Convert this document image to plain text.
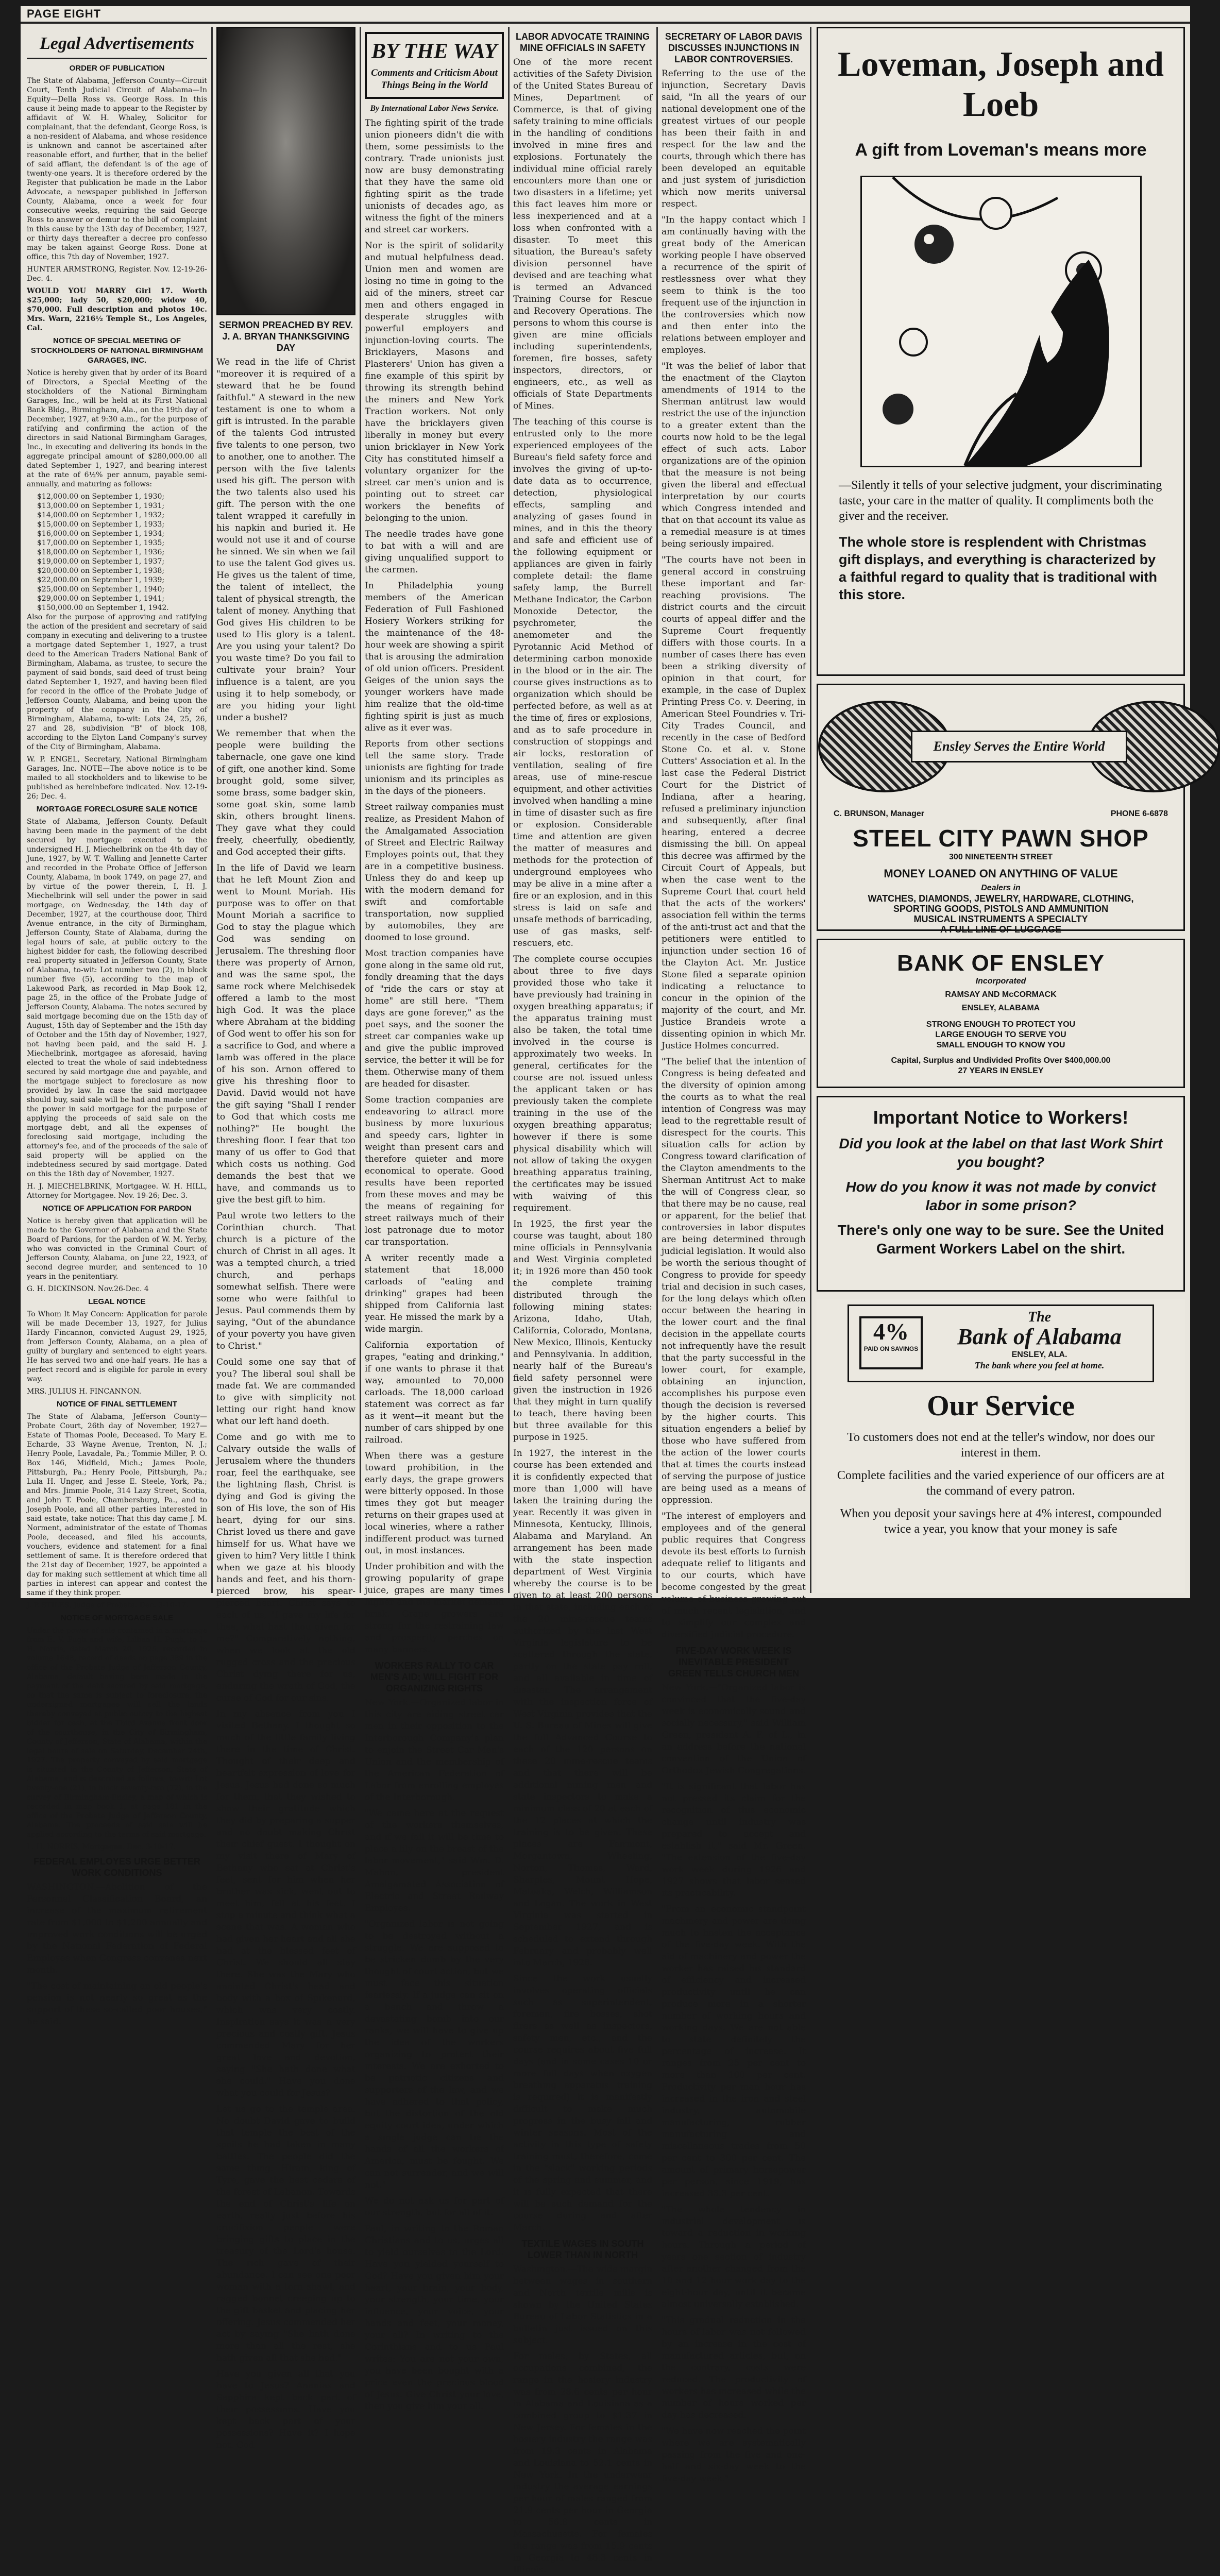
PAGE EIGHT
Legal Advertisements
ORDER OF PUBLICATION

The State of Alabama, Jefferson County—Circuit Court, Tenth Judicial Circuit of Alabama—In Equity—Della Ross vs. George Ross. In this cause it being made to appear to the Register by affidavit of W. H. Whaley, Solicitor for complainant, that the defendant, George Ross, is a non-resident of Alabama, and whose residence is unknown and cannot be ascertained after reasonable effort, and further, that in the belief of said affiant, the defendant is of the age of twenty-one years. It is therefore ordered by the Register that publication be made in the Labor Advocate, a newspaper published in Jefferson County, Alabama, once a week for four consecutive weeks, requiring the said George Ross to answer or demur to the bill of complaint in this cause by the 13th day of December, 1927, or thirty days thereafter a decree pro confesso may be taken against George Ross. Done at office, this 7th day of November, 1927.

HUNTER ARMSTRONG, Register. Nov. 12-19-26-Dec. 4.

WOULD YOU MARRY Girl 17. Worth $25,000; lady 50, $20,000; widow 40, $70,000. Full description and photos 10c. Mrs. Warn, 2216½ Temple St., Los Angeles, Cal.

NOTICE OF SPECIAL MEETING OF STOCKHOLDERS OF NATIONAL BIRMINGHAM GARAGES, INC.

Notice is hereby given that by order of its Board of Directors, a Special Meeting of the stockholders of the National Birmingham Garages, Inc., will be held at its First National Bank Bldg., Birmingham, Ala., on the 19th day of December, 1927, at 9:30 a.m., for the purpose of ratifying and confirming the action of the directors in said National Birmingham Garages, Inc., in executing and delivering its bonds in the aggregate principal amount of $280,000.00 all dated September 1, 1927, and bearing interest at the rate of 6½% per annum, payable semi-annually, and maturing as follows:

$12,000.00 on September 1, 1930;

$13,000.00 on September 1, 1931;

$14,000.00 on September 1, 1932;

$15,000.00 on September 1, 1933;

$16,000.00 on September 1, 1934;

$17,000.00 on September 1, 1935;

$18,000.00 on September 1, 1936;

$19,000.00 on September 1, 1937;

$20,000.00 on September 1, 1938;

$22,000.00 on September 1, 1939;

$25,000.00 on September 1, 1940;

$29,000.00 on September 1, 1941;

$150,000.00 on September 1, 1942.

Also for the purpose of approving and ratifying the action of the president and secretary of said company in executing and delivering to a trustee a mortgage dated September 1, 1927, a trust deed to the American Traders National Bank of Birmingham, Alabama, as trustee, to secure the payment of said bonds, said deed of trust being dated September 1, 1927, and having been filed for record in the office of the Probate Judge of Jefferson County, Alabama, and being upon the property of the company in the City of Birmingham, Alabama, to-wit: Lots 24, 25, 26, 27 and 28, subdivision "B" of block 108, according to the Elyton Land Company's survey of the City of Birmingham, Alabama.

W. P. ENGEL, Secretary, National Birmingham Garages, Inc. NOTE—The above notice is to be mailed to all stockholders and to likewise to be published as hereinbefore indicated. Nov. 12-19-26; Dec. 4.

MORTGAGE FORECLOSURE SALE NOTICE

State of Alabama, Jefferson County. Default having been made in the payment of the debt secured by mortgage executed to the undersigned H. J. Miechelbrink on the 4th day of June, 1927, by W. T. Walling and Jennette Carter and recorded in the Probate Office of Jefferson County, Alabama, in book 1749, on page 27, and by virtue of the power therein, I, H. J. Miechelbrink will sell under the power in said mortgage, on Wednesday, the 14th day of December, 1927, at the courthouse door, Third Avenue entrance, in the city of Birmingham, Jefferson County, State of Alabama, during the legal hours of sale, at public outcry to the highest bidder for cash, the following described real property situated in Jefferson County, State of Alabama, to-wit: Lot number two (2), in block number five (5), according to the map of Lakewood Park, as recorded in Map Book 12, page 25, in the office of the Probate Judge of Jefferson County, Alabama. The notes secured by said mortgage becoming due on the 15th day of August, 15th day of September and the 15th day of October and the 15th day of November, 1927, not having been paid, and the said H. J. Miechelbrink, mortgagee as aforesaid, having elected to treat the whole of said indebtedness secured by said mortgage due and payable, and the mortgage subject to foreclosure as now provided by law. In case the said mortgagee should buy, said sale will be had and made under the power in said mortgage for the purpose of applying the proceeds of said sale on the mortgage debt, and all the expenses of foreclosing said mortgage, including the attorney's fee, and of the proceeds of the sale of said property will be applied on the indebtedness secured by said mortgage. Dated on this the 18th day of November, 1927.

H. J. MIECHELBRINK, Mortgagee. W. H. HILL, Attorney for Mortgagee. Nov. 19-26; Dec. 3.

NOTICE OF APPLICATION FOR PARDON

Notice is hereby given that application will be made to the Governor of Alabama and the State Board of Pardons, for the pardon of W. M. Yerby, who was convicted in the Criminal Court of Jefferson County, Alabama, on June 22, 1923, of second degree murder, and sentenced to 10 years in the penitentiary.

G. H. DICKINSON. Nov.26-Dec. 4

LEGAL NOTICE

To Whom It May Concern: Application for parole will be made December 13, 1927, for Julius Hardy Fincannon, convicted August 29, 1925, from Jefferson County, Alabama, on a plea of guilty of burglary and sentenced to eight years. He has served two and one-half years. He has a perfect record and is eligible for parole in every way.

MRS. JULIUS H. FINCANNON.

NOTICE OF FINAL SETTLEMENT

The State of Alabama, Jefferson County—Probate Court, 26th day of November, 1927—Estate of Thomas Poole, Deceased. To Mary E. Echarde, 33 Wayne Avenue, Trenton, N. J.; Henry Poole, Lavadale, Pa.; Tommie Miller, P. O. Box 146, Midfield, Mich.; James Poole, Pittsburgh, Pa.; Henry Poole, Pittsburgh, Pa.; Lula H. Unger, and Jesse E. Steele, York, Pa.; and Mrs. Jimmie Poole, 314 Lazy Street, Scotia, and John T. Poole, Chambersburg, Pa., and to Joseph Poole, and all other parties interested in said estate, take notice: That this day came J. M. Norment, administrator of the estate of Thomas Poole, deceased, and filed his accounts, vouchers, evidence and statement for a final settlement of same. It is therefore ordered that the 21st day of December, 1927, be appointed a day for making such settlement at which time all parties in interest can appear and contest the same if they think proper.

J. P. STILES, Judge of Probate. Dec. 3-10-17.

NOTICE OF MORTGAGE SALE

Under the power of sale contained in a mortgage from E. V. Pugh and wife, Lillian H. Pugh, to L. H. Norris, dated March 20, 1925, recorded in volume 1648, record of deeds on page 389 in the office of the Probate Judge of Jefferson County, Alabama, default having been made in the payment of the debt secured by said mortgage, so that the same is subject to foreclosure, the undersigned mortgagee will sell the lands thereby conveyed at public outcry to the highest bidder for cash, at the Third Avenue front door of the courthouse, in the City of Birmingham, County of Jefferson, State of Alabama, within the legal hours of sale on Saturday, December 24th, 1927. The property conveyed by said mortgage is situated in the County of Jefferson, State of Alabama, and is described as follows, to-wit: Lot twenty-one (21), in block seventy-two (72), in the survey of Birmingham-Ensley, a map of which is recorded in map book 1, at page 181 in the office of the Probate Judge of Jefferson County, Alabama. The proceeds of said sale will be applied according to the terms of said mortgage.

L. H. NORRIS, Mortgagee. Dec. 3-10-17.

FEDERAL EMPLOYES URGE BETTER WORK CONDITIONS

WASHINGTON.—Abolition of the Personnel Classification Board, an increase of the maximum retirement rate from $1,000 to $1,200 annually and improved work conditions will be urged by the National Federation of Federal Employes when Congress convenes next month.

"The cost of maintaining an old people's pension is not nearly so great as the support of these so-called poor houses," he said.

SERMON PREACHED BY REV. J. A. BRYAN THANKSGIVING DAY

We read in the life of Christ "moreover it is required of a steward that he be found faithful." A steward in the new testament is one to whom a gift is intrusted. In the parable of the talents God intrusted five talents to one person, two to another, one to another. The person with the five talents used his gift. The person with the two talents also used his gift. The person with the one talent wrapped it carefully in his napkin and buried it. He would not use it and of course he sinned. We sin when we fail to use the talent God gives us. He gives us the talent of time, the talent of intellect, the talent of physical strength, the talent of money. Anything that God gives His children to be used to His glory is a talent. Are you using your talent? Do you waste time? Do you fail to cultivate your brain? Your influence is a talent, are you using it to help somebody, or are you hiding your light under a bushel?

We remember that when the people were building the tabernacle, one gave one kind of gift, one another kind. Some brought gold, some silver, some brass, some badger skin, some goat skin, some lamb skin, others brought linens. They gave what they could freely, cheerfully, obediently, and God accepted their gifts.

In the life of David we learn that he left Mount Zion and went to Mount Moriah. His purpose was to offer on that Mount Moriah a sacrifice to God to stay the plague which God was sending on Jerusalem. The threshing floor there was property of Arnon, and was the same spot, the same rock where Melchisedek offered a lamb to the most high God. It was the place where Abraham at the bidding of God went to offer his son for a sacrifice to God, and where a lamb was offered in the place of his son. Arnon offered to give his threshing floor to David. David would not have the gift saying "Shall I render to God that which costs me nothing?" He bought the threshing floor. I fear that too many of us offer to God that which costs us nothing. God demands the best that we have, and commands us to give the best gift to him.

Paul wrote two letters to the Corinthian church. That church is a picture of the church of Christ in all ages. It was a tempted church, a tried church, and perhaps somewhat selfish. There were some who were faithful to Jesus. Paul commends them by saying, "Out of the abundance of your poverty you have given to Christ."

Could some one say that of you? The liberal soul shall be made fat. We are commanded to give with simplicity not letting our right hand know what our left hand doeth.

Come and go with me to Calvary outside the walls of Jerusalem where the thunders roar, feel the earthquake, see the lightning flash, Christ is dying and God is giving the son of His love, the son of His heart, dying for our sins. Christ loved us there and gave himself for us. What have we given to him? Very little I think when we gaze at his bloody hands and feet, and his thorn-pierced brow, his spear-pierced heart. Christ says to each of us, "I gave my life for thee, what hast thou given for me?" Comparatively nothing, when we look at the old rugged cross and the precious Christ dying there for us, enduring the wrath of God, the curse of God for our sins.

In my absence from you I visited Bethany. I thought so much of the little family living there in the time of Christ. Thought of their deep and heartfelt expression of love for Jesus. Jesus had done so much for them, that they wished to show their gratitude which they did by preparing a supper and no doubt making Christ their chief guest. I thought on my visit there of Mary of Bethany who sat at Christ's feet, sent for him when her brother was sick, went out to meet him, fell at his feet. I stop a minute and think what a scene that was. A woman who had given her heart and all she had at the blessed feet of Christ. We should all stay there. She was the Mary who anointed Christ's head and body with a box of Spikenard, which was very costly. Inspiration says it was a very precious and costly gift. Jesus commended Mary for her great love and devotion, saying "She hath done what she could." Have you done what you could for Jesus?

Let us go to the temple area. No doubt David gave to build that temple the best of the spoils he had taken in many battles. The people did the same thing. Hiram, king of Tyre, gave the best cedars of the forest of Lebanon. Towards the end of Christ's life on earth, really just before his crucifixion people were bringing gifts to place in the treasury of the Lord's house. The rich gave of their abundance. I can see one poor woman with a torn shawl, and ragged bonnet creeping up to the gift basket and placing her offering. Jesus commended her act by saying "She hath done more than all the rest, she hath given all that she had."

Have you given all that you have to Jesus? Ananias and Sapphira kept back part of their possessions. Have you kept back part of your possessions? Have it? I hope not. God

BY THE WAY
Comments and Criticism About Things Being in the World
By International Labor News Service.

The fighting spirit of the trade union pioneers didn't die with them, some pessimists to the contrary. Trade unionists just now are busy demonstrating that they have the same old fighting spirit as the trade unionists of decades ago, as witness the fight of the miners and street car workers.

Nor is the spirit of solidarity and mutual helpfulness dead. Union men and women are losing no time in going to the aid of the miners, street car men and others engaged in desperate struggles with powerful employers and injunction-loving courts. The Bricklayers, Masons and Plasterers' Union has given a fine example of this spirit by throwing its strength behind the miners and New York Traction workers. Not only have the bricklayers given liberally in money but every union bricklayer in New York City has constituted himself a voluntary organizer for the street car men's union and is pointing out to street car workers the benefits of belonging to the union.

The needle trades have gone to bat with a will and are giving unqualified support to the carmen.

In Philadelphia young members of the American Federation of Full Fashioned Hosiery Workers striking for the maintenance of the 48-hour week are showing a spirit that is arousing the admiration of old union officers. President Geiges of the union says the younger workers have made him realize that the old-time fighting spirit is just as much alive as it ever was.

Reports from other sections tell the same story. Trade unionists are fighting for trade unionism and its principles as in the days of the pioneers.

Street railway companies must realize, as President Mahon of the Amalgamated Association of Street and Electric Railway Employes points out, that they are in a competitive business. Unless they do and keep up with the modern demand for swift and comfortable transportation, now supplied by automobiles, they are doomed to lose ground.

Most traction companies have gone along in the same old rut, fondly dreaming that the days of "ride the cars or stay at home" are still here. "Them days are gone forever," as the poet says, and the sooner the street car companies wake up and give the public improved service, the better it will be for them. Otherwise many of them are headed for disaster.

Some traction companies are endeavoring to attract more business by more luxurious and speedy cars, lighter in weight than present cars and therefore quieter and more economical to operate. Good results have been reported from these moves and may be the means of regaining for street railways much of their lost patronage due to motor car transportation.

A writer recently made a statement that 18,000 carloads of "eating and drinking" grapes had been shipped from California last year. He missed the mark by a wide margin.

California exportation of grapes, "eating and drinking," if one wants to phrase it that way, amounted to 70,000 carloads. The 18,000 carload statement was correct as far as it went—it meant but the number of cars shipped by one railroad.

When there was a gesture toward prohibition, in the early days, the grape growers were bitterly opposed. In those times they got but meager returns on their grapes used at local wineries, where a rather indifferent product was turned out, in most instances.

Under prohibition and with the growing popularity of grape juice, grapes are many times higher and the market demand brisk. Grape growers are strong for the restraining law and prosperity perches on many banners.

WORKERS RALLY TO CAR MEN'S AID; WILL FIGHT FOR ORGANIZING RIGHTS

New York.—Organized labor in this city are aiding street car men in their opposition to the Interborough Company's plan to enjoin the Street Car Men's Union and the membership of the American Federation of Labor from enrolling employes of the Interborough.

"We came here at the request of the workers themselves, and if we fail it will be time to place a lily on the breast of the labor movement," said Wm. D. Mahon, president Amalgamated Association of Electric and Street Railway Employes.

"Organized labor is not going to be destroyed without a struggle. We are supposed to be stricken dumb by the very thought of court action, but we must face this situation fearlessly. If a judge can sit on a bench and throw a devastating bomb into our ranks, we will have to give up the idea of the workers organizing to protect their interests. We are exhorted to be patriotic citizens and supporters of the law, and we have adhered to that policy, but the distortion of the old equity court idea, under which a single judge can tie the hands of all the workers of America, must be fought. We can not surrender, and we will not."

We do not ask us for part of our strength, but for all of it.

Paul, in writing to the Roman Christians and to us, urges all to yield ourselves to the Lord. Have you yielded yourself to God? Have you given him your heart, your brain, your body, your strength, your time, your influence, your voice, your hands and feet, your money, your all? In writing to the Corinthians and to us Paul writes: You are not your own, you have been bought with a price even the precious blood of Jesus. Give Christ your love, then you give him your all.

LABOR ADVOCATE TRAINING MINE OFFICIALS IN SAFETY

One of the more recent activities of the Safety Division of the United States Bureau of Mines, Department of Commerce, is that of giving safety training to mine officials in the handling of conditions involved in mine fires and explosions. Fortunately the individual mine official rarely encounters more than one or two disasters in a lifetime; yet this fact leaves him more or less inexperienced and at a loss when confronted with a disaster. To meet this situation, the Bureau's safety division personnel have devised and are teaching what is termed an Advanced Training Course for Rescue and Recovery Operations. The persons to whom this course is given are mine officials including superintendents, foremen, fire bosses, safety inspectors, directors, or engineers, etc., as well as officials of State Departments of Mines.

The teaching of this course is entrusted only to the more experienced employees of the Bureau's field safety force and involves the giving of up-to-date data as to occurrence, detection, physiological effects, sampling and analyzing of gases found in mines, and in this the theory and safe and efficient use of the following equipment or appliances are given in fairly complete detail: the flame safety lamp, the Burrell Methane Indicator, the Carbon Monoxide Detector, the psychrometer, the anemometer and the Pyrotannic Acid Method of determining carbon monoxide in the blood or in the air. The course gives instructions as to organization which should be perfected before, as well as at the time of, fires or explosions, and as to safe procedure in construction of stoppings and air locks, restoration of ventilation, sealing of fire areas, use of mine-rescue equipment, and other activities involved when handling a mine in time of disaster such as fire or explosion. Considerable time and attention are given the matter of measures and methods for the protection of underground employees who may be alive in a mine after a fire or an explosion, and in this stress is laid on safe and unsafe methods of barricading, use of gas masks, self-rescuers, etc.

The complete course occupies about three to five days provided those who take it have previously had training in oxygen breathing apparatus; if the apparatus training must also be taken, the total time involved in the course is approximately two weeks. In general, certificates for the course are not issued unless the applicant taken or has previously taken the complete training in the use of the oxygen breathing apparatus; however if there is some physical disability which will not allow of taking the oxygen breathing apparatus training, the certificates may be issued with waiving of this requirement.

In 1925, the first year the course was taught, about 180 mine officials in Pennsylvania and West Virginia completed it; in 1926 more than 450 took the complete training distributed through the following mining states: Arizona, Idaho, Utah, California, Colorado, Montana, New Mexico, Illinois, Kentucky and Pennsylvania. In addition, nearly half of the Bureau's field safety personnel were given the instruction in 1926 that they might in turn qualify to teach, there having been but three available for this purpose in 1925.

In 1927, the interest in the course has been extended and it is confidently expected that more than 1,000 will have taken the training during the year. Recently it was given in Minnesota, Kentucky, Illinois, Alabama and Maryland. An arrangement has been made with the state inspection department of West Virginia whereby the course is to be given to at least 200 persons in that state, including each of the 20 mine-rescue teams authorized by the last West Virginia legislature to be scattered through the state, partly on the state pay roll, and all available in time of disaster. The arrangement with the inspection force of West Virginia provides that the U. S. Bureau of Mines will give the full Advanced Course to each of the 120 persons on these 20 mine-rescue teams and that there will be additional mining men and state inspectors to make a minimum class of 20 at each of the 12 places at which the training is to be given. These places are Fairmont, Morgantown, Wheeling, Norton, Thomas, Ward, Sharples, Mount Hope, Matoaka, Welch, Williamson and Logan. The work in West Virginia was started in September 1927, and is scheduled to extend through February and probably well into March, 1928.

Since the work usually involves operating officials such as superintendent, foremen, fire bosses, shot firers as well as inspectors, safety men, etc., and the course requires about five full days (and in some cases 10 or more full days when oxygen breathing apparatus training is required) it is manifestly difficult to make much progress in the busy fall and winter seasons. Most of the activity in this type of safety training must, therefore, come in the "slack" working periods of the spring and summer, and it is fully expected that there will be such demand for the course during and after March.

TEXTILE WAGES IN SOUTH LOWER THAN IN NORTH

Washington.—The wide margin between wages in southern and North textile mills is shown by the United States Bureau of Labor Statistics in a bulletin just issued on this subject.

For males, by States, all occupations combined, the range in the hosiery industry was from 28.6 cents per hour in Alabama and Louisiana as a combined group to $1.37 in New Jersey. For females in the hosiery industry the range was from 19.3 cents in Alabama and Louisiana to 52.1 cents in New York. In the underwear industry the average earnings per hour of males ranged from 21.9 cents per hour in Georgia to 56.8 cents in Massachusetts. For females the range was from 15.9 cents in Georgia to 48.3 cents in Illinois.

SECRETARY OF LABOR DAVIS DISCUSSES INJUNCTIONS IN LABOR CONTROVERSIES.

Referring to the use of the injunction, Secretary Davis said, "In all the years of our national development one of the greatest virtues of our people has been their faith in and respect for the law and the courts, through which there has been developed an equitable and just system of jurisdiction which now merits universal respect.

"In the happy contact which I am continually having with the great body of the American working people I have observed a recurrence of the spirit of restlessness over what they seem to think is the too frequent use of the injunction in the controversies which now and then enter into the relations between employer and employes.

"It was the belief of labor that the enactment of the Clayton amendments of 1914 to the Sherman antitrust law would restrict the use of the injunction to a greater extent than the courts now hold to be the legal effect of such acts. Labor organizations are of the opinion that the measure is not being given the liberal and effectual interpretation by our courts which Congress intended and that on that account its value as a remedial measure is at times being seriously impaired.

"The courts have not been in general accord in construing these important and far-reaching provisions. The district courts and the circuit courts of appeal differ and the Supreme Court frequently differs with those courts. In a number of cases there has even been a striking diversity of opinion in that court, for example, in the case of Duplex Printing Press Co. v. Deering, in American Steel Foundries v. Tri-City Trades Council, and recently in the case of Bedford Stone Co. et al. v. Stone Cutters' Association et al. In the last case the Federal District Court for the District of Indiana, after a hearing, refused a preliminary injunction and subsequently, after final hearing, entered a decree dismissing the bill. On appeal this decree was affirmed by the Circuit Court of Appeals, but when the case went to the Supreme Court that court held that the acts of the workers' association fell within the terms of the anti-trust act and that the petitioners were entitled to injunction under section 16 of the Clayton Act. Mr. Justice Stone filed a separate opinion indicating a reluctance to concur in the opinion of the majority of the court, and Mr. Justice Brandeis wrote a dissenting opinion in which Mr. Justice Holmes concurred.

"The belief that the intention of Congress is being defeated and the diversity of opinion among the courts as to what the real intention of Congress was may lead to the regrettable result of disrespect for the courts. This situation calls for action by Congress toward clarification of the Clayton amendments to the Sherman Antitrust Act to make the will of Congress clear, so that there may be no cause, real or apparent, for the belief that controversies in labor disputes are being determined through judicial legislation. It would also be worth the serious thought of Congress to provide for speedy trial and decision in such cases, for the long delays which often occur between the hearing in the lower court and the final decision in the appellate courts not infrequently have the result that the party successful in the lower court, for example, obtaining an injunction, accomplishes his purpose even though the decision is reversed by the higher courts. This situation engenders a belief by those who have suffered from the action of the lower courts that at times the courts instead of serving the purpose of justice are being used as a means of oppression.

"The interest of employers and employees and of the general public requires that Congress devote its best efforts to furnish adequate relief to litigants and to our courts, which have become congested by the great volume of business growing out of much recent legislation, and to simplify our complex and diversified judicial procedure.

FIVE-DAY WORK WEEK IS INEVITABLE PRESIDENT GREEN TELLS CHURCH MEN

New York.—"Organized labor is convinced that the five-day week is economically sound and socially necessary," said William Green, president A. F. of L., in an address before the national convention of the Union of Orthodox Jewish Congregations.

"It is significant that labor has not pressed its claim for the recognition of this economic change until industry was prepared to accept and establish it," said Mr. Green. "The extension of the five-day work week during 1926 and 1927 shows that labor sensed its practicability.

"From an economic standpoint machinery and power are doing much to hasten the acceptance of the five-day week. With the aid of machinery and power the worker has raised his standard of efficiency and increased productivity until he can produce more in a shorter number of working hours and working days. We are not able to state definitely the percentage of increase. It ranges from 25 per cent to more than 100 per cent. Productivity per man hour has increased in the iron and steel industry, automobile manufacturing, rubber manufacturing and miscellaneous trades from 50 per cent to 300 per cent. The amount of primary horsepower per person, since 1919, has increased 33.3 per cent.

"The whole tendency in industrial development is toward a reduction in working hours. Through a period of years one section of industry after another changed from the 10 and 12 hour work day to the eight-hour day, until it became almost universally established.

"This gradual reduction in the hours of labor was not followed by an increase in the cost of manufactured articles, but, on the contrary, costs were reduced. The productivity of workers has increased while the number of hours worked per day has decreased.

"We have now reached the point where we are systematically passing from the five and one-half and six-day week to the five-day week."

Loveman, Joseph and Loeb
A gift from Loveman's means more
—Silently it tells of your selective judgment, your discriminating taste, your care in the matter of quality. It compliments both the giver and the receiver.
The whole store is resplendent with Christmas gift displays, and everything is characterized by a faithful regard to quality that is traditional with this store.
Ensley Serves the Entire World
C. BRUNSON, Manager	PHONE 6-6878
STEEL CITY PAWN SHOP
300 NINETEENTH STREET
MONEY LOANED ON ANYTHING OF VALUE
Dealers in
WATCHES, DIAMONDS, JEWELRY, HARDWARE, CLOTHING,
SPORTING GOODS, PISTOLS AND AMMUNITION
MUSICAL INSTRUMENTS A SPECIALTY
A FULL LINE OF LUGGAGE
BANK OF ENSLEY
Incorporated
RAMSAY AND McCORMACK
ENSLEY, ALABAMA
STRONG ENOUGH TO PROTECT YOU
LARGE ENOUGH TO SERVE YOU
SMALL ENOUGH TO KNOW YOU
Capital, Surplus and Undivided Profits Over $400,000.00
27 YEARS IN ENSLEY
Important Notice to Workers!
Did you look at the label on that last Work Shirt you bought?
How do you know it was not made by convict labor in some prison?
There's only one way to be sure. See the United Garment Workers Label on the shirt.
4%
PAID ON SAVINGS
The
Bank of Alabama
ENSLEY, ALA.
The bank where you feel at home.
Our Service
To customers does not end at the teller's window, nor does our interest in them.
Complete facilities and the varied experience of our officers are at the command of every patron.
When you deposit your savings here at 4% interest, compounded twice a year, you know that your money is safe
